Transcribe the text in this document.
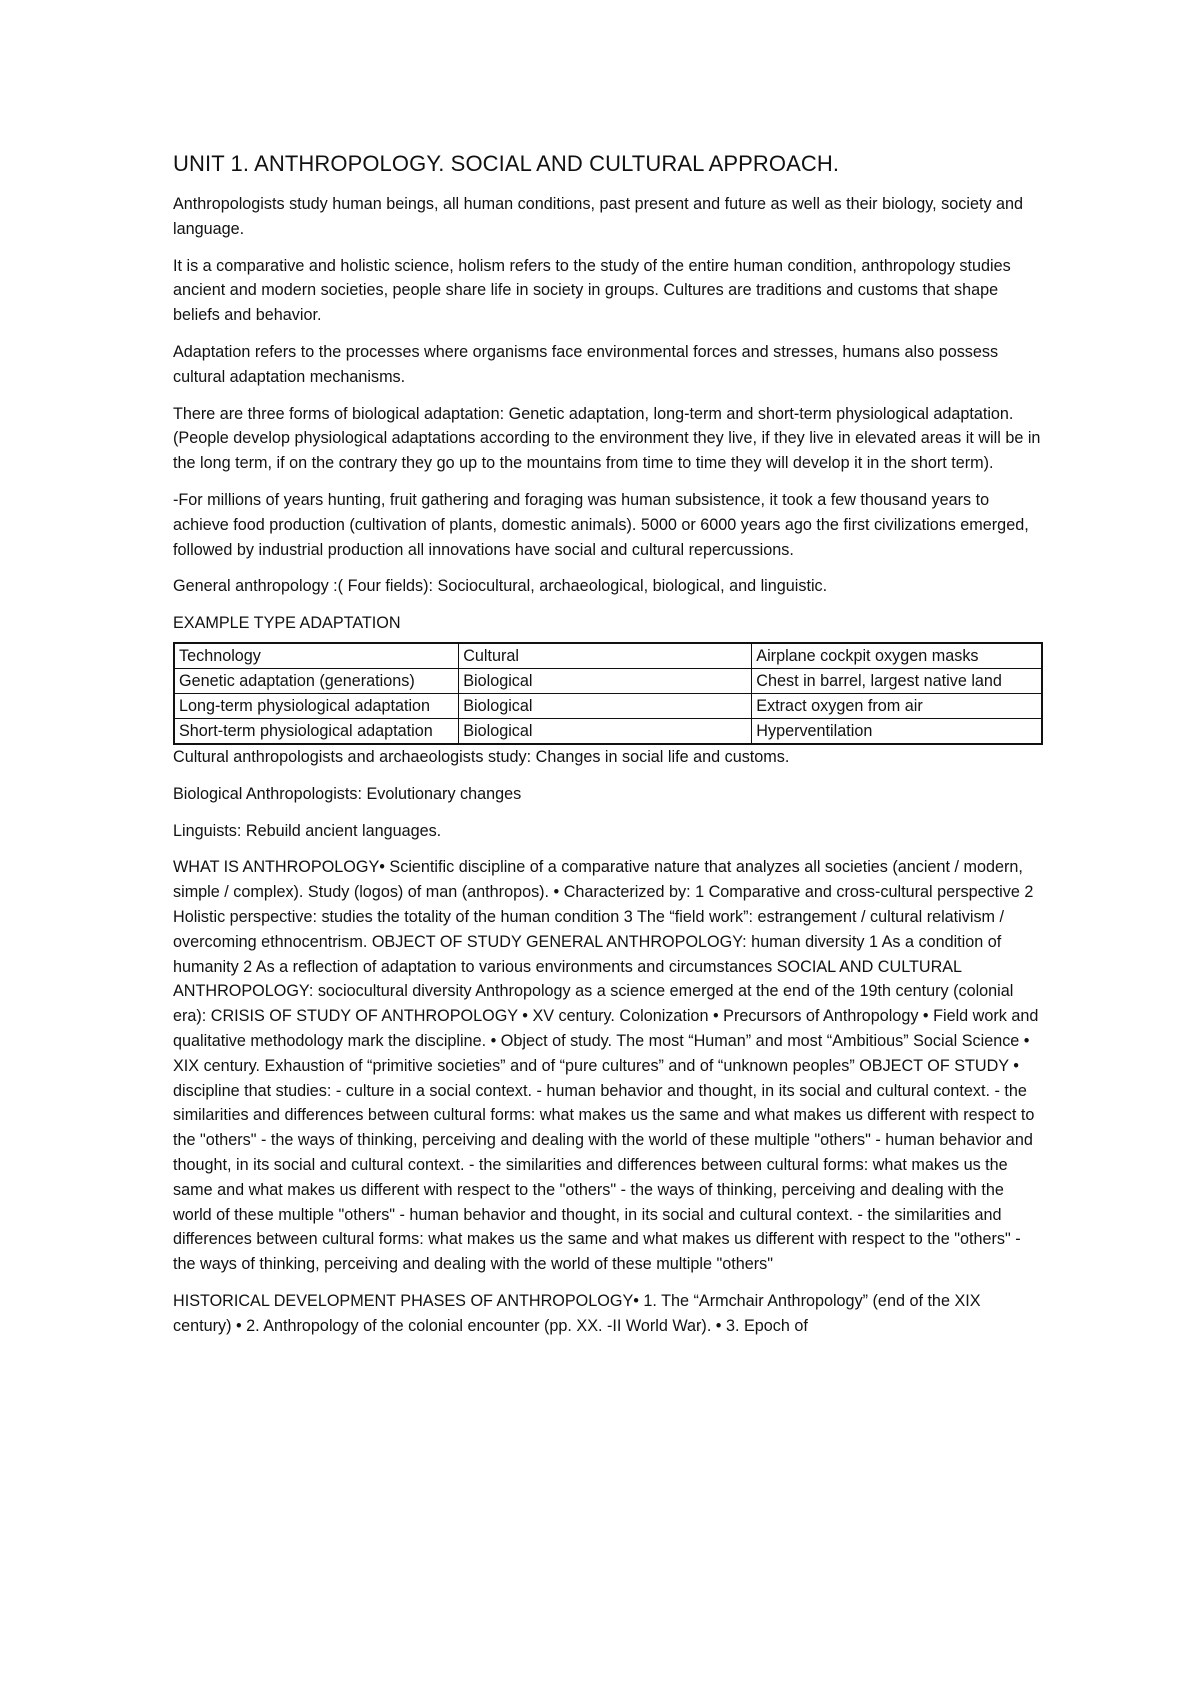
UNIT 1. ANTHROPOLOGY. SOCIAL AND CULTURAL APPROACH.

Anthropologists study human beings, all human conditions, past present and future as well as their biology, society and language.

It is a comparative and holistic science, holism refers to the study of the entire human condition, anthropology studies ancient and modern societies, people share life in society in groups. Cultures are traditions and customs that shape beliefs and behavior.

Adaptation refers to the processes where organisms face environmental forces and stresses, humans also possess cultural adaptation mechanisms.

There are three forms of biological adaptation: Genetic adaptation, long-term and short-term physiological adaptation. (People develop physiological adaptations according to the environment they live, if they live in elevated areas it will be in the long term, if on the contrary they go up to the mountains from time to time they will develop it in the short term).

-For millions of years hunting, fruit gathering and foraging was human subsistence, it took a few thousand years to achieve food production (cultivation of plants, domestic animals). 5000 or 6000 years ago the first civilizations emerged, followed by industrial production all innovations have social and cultural repercussions.

General anthropology :( Four fields): Sociocultural, archaeological, biological, and linguistic.

EXAMPLE TYPE ADAPTATION

Technology	Cultural	Airplane cockpit oxygen masks
Genetic adaptation (generations)	Biological	Chest in barrel, largest native land
Long-term physiological adaptation	Biological	Extract oxygen from air
Short-term physiological adaptation	Biological	Hyperventilation

Cultural anthropologists and archaeologists study: Changes in social life and customs.

Biological Anthropologists: Evolutionary changes

Linguists: Rebuild ancient languages.

WHAT IS ANTHROPOLOGY• Scientific discipline of a comparative nature that analyzes all societies (ancient / modern, simple / complex). Study (logos) of man (anthropos). • Characterized by: 1 Comparative and cross-cultural perspective 2 Holistic perspective: studies the totality of the human condition 3 The “field work”: estrangement / cultural relativism / overcoming ethnocentrism. OBJECT OF STUDY GENERAL ANTHROPOLOGY: human diversity 1 As a condition of humanity 2 As a reflection of adaptation to various environments and circumstances SOCIAL AND CULTURAL ANTHROPOLOGY: sociocultural diversity Anthropology as a science emerged at the end of the 19th century (colonial era): CRISIS OF STUDY OF ANTHROPOLOGY • XV century. Colonization • Precursors of Anthropology • Field work and qualitative methodology mark the discipline. • Object of study. The most “Human” and most “Ambitious” Social Science • XIX century. Exhaustion of “primitive societies” and of “pure cultures” and of “unknown peoples” OBJECT OF STUDY • discipline that studies: - culture in a social context. - human behavior and thought, in its social and cultural context. - the similarities and differences between cultural forms: what makes us the same and what makes us different with respect to the "others" - the ways of thinking, perceiving and dealing with the world of these multiple "others" - human behavior and thought, in its social and cultural context. - the similarities and differences between cultural forms: what makes us the same and what makes us different with respect to the "others" - the ways of thinking, perceiving and dealing with the world of these multiple "others" - human behavior and thought, in its social and cultural context. - the similarities and differences between cultural forms: what makes us the same and what makes us different with respect to the "others" - the ways of thinking, perceiving and dealing with the world of these multiple "others"

HISTORICAL DEVELOPMENT PHASES OF ANTHROPOLOGY• 1. The “Armchair Anthropology” (end of the XIX century) • 2. Anthropology of the colonial encounter (pp. XX. -II World War). • 3. Epoch of
